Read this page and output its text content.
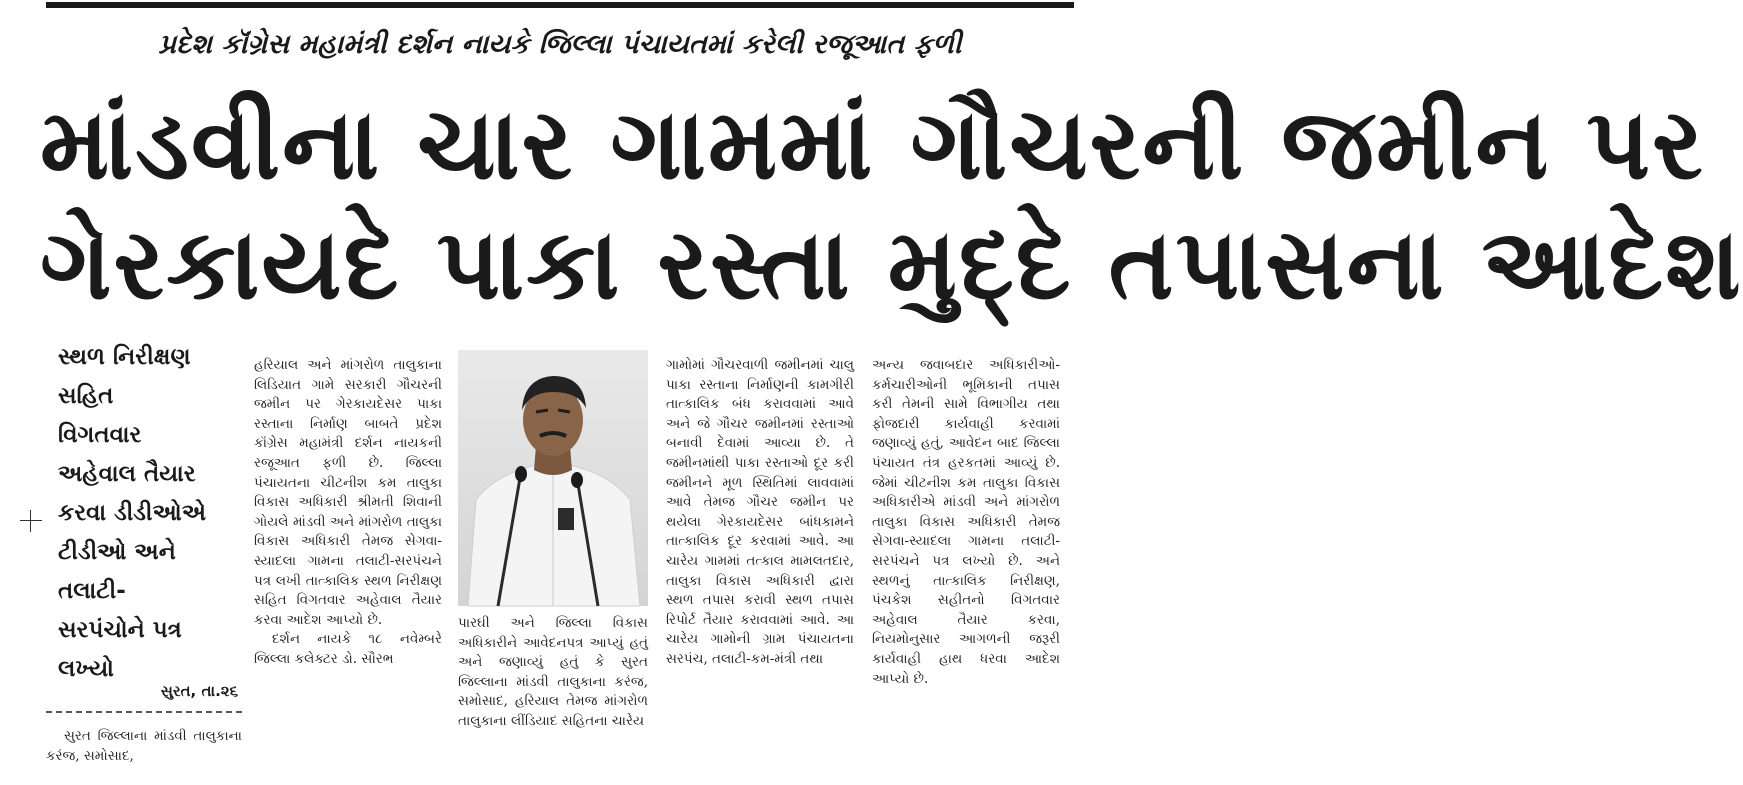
પ્રદેશ કૉંગ્રેસ મહામંત્રી દર્શન નાયકે જિલ્લા પંચાયતમાં કરેલી રજૂઆત ફળી
માંડવીના ચાર ગામમાં ગૌચરની જમીન પર
ગેરકાયદે પાકા રસ્તા મુદ્દે તપાસના આદેશ
સ્થળ નિરીક્ષણ
સહિત
વિગતવાર
અહેવાલ તૈયાર
કરવા ડીડીઓએ
ટીડીઓ અને
તલાટી-
સરપંચોને પત્ર
લખ્યો
સુરત, તા.૨૬

સુરત જિલ્લાના માંડવી તાલુકાના કરંજ, સમોસાદ,

હરિયાલ અને માંગરોળ તાલુકાના લિડિયાત ગામે સરકારી ગૌચરની જમીન પર ગેરકાયદેસર પાકા રસ્તાના નિર્માણ બાબતે પ્રદેશ કૉંગ્રેસ મહામંત્રી દર્શન નાયકની રજૂઆત ફળી છે. જિલ્લા પંચાયતના ચીટનીશ કમ તાલુકા વિકાસ અધિકારી શ્રીમતી શિવાની ગોયલે માંડવી અને માંગરોળ તાલુકા વિકાસ અધિકારી તેમજ સેગવા-સ્યાદલા ગામના તલાટી-સરપંચને પત્ર લખી તાત્કાલિક સ્થળ નિરીક્ષણ સહિત વિગતવાર અહેવાલ તૈયાર કરવા આદેશ આપ્યો છે.

દર્શન નાયકે ૧૮ નવેમ્બરે જિલ્લા કલેક્ટર ડો. સૌરભ

પારઘી અને જિલ્લા વિકાસ અધિકારીને આવેદનપત્ર આપ્યું હતું અને જણાવ્યું હતું કે સુરત જિલ્લાના માંડવી તાલુકાના કરંજ, સમોસાદ, હરિયાલ તેમજ માંગરોળ તાલુકાના લીંડિયાદ સહિતના ચારેય

ગામોમાં ગૌચરવાળી જમીનમાં ચાલુ પાકા રસ્તાના નિર્માણની કામગીરી તાત્કાલિક બંધ કરાવવામાં આવે અને જે ગૌચર જમીનમાં રસ્તાઓ બનાવી દેવામાં આવ્યા છે. તે જમીનમાંથી પાકા રસ્તાઓ દૂર કરી જમીનને મૂળ સ્થિતિમાં લાવવામાં આવે તેમજ ગૌચર જમીન પર થયેલા ગેરકાયદેસર બાંધકામને તાત્કાલિક દૂર કરવામાં આવે. આ ચારેય ગામમાં તત્કાલ મામલતદાર, તાલુકા વિકાસ અધિકારી દ્વારા સ્થળ તપાસ કરાવી સ્થળ તપાસ રિપોર્ટ તૈયાર કરાવવામાં આવે. આ ચારેય ગામોની ગ્રામ પંચાયતના સરપંચ, તલાટી-કમ-મંત્રી તથા

અન્ય જવાબદાર અધિકારીઓ-કર્મચારીઓની ભૂમિકાની તપાસ કરી તેમની સામે વિભાગીય તથા ફોજદારી કાર્યવાહી કરવામાં જણાવ્યું હતું, આવેદન બાદ જિલ્લા પંચાયત તંત્ર હરકતમાં આવ્યું છે. જેમાં ચીટનીશ કમ તાલુકા વિકાસ અધિકારીએ માંડવી અને માંગરોળ તાલુકા વિકાસ અધિકારી તેમજ સેગવા-સ્યાદલા ગામના તલાટી-સરપંચને પત્ર લખ્યો છે. અને સ્થળનું તાત્કાલિક નિરીક્ષણ, પંચકેશ સહીતનો વિગતવાર અહેવાલ તૈયાર કરવા, નિયમોનુસાર આગળની જરૂરી કાર્યવાહી હાથ ધરવા આદેશ આપ્યો છે.
